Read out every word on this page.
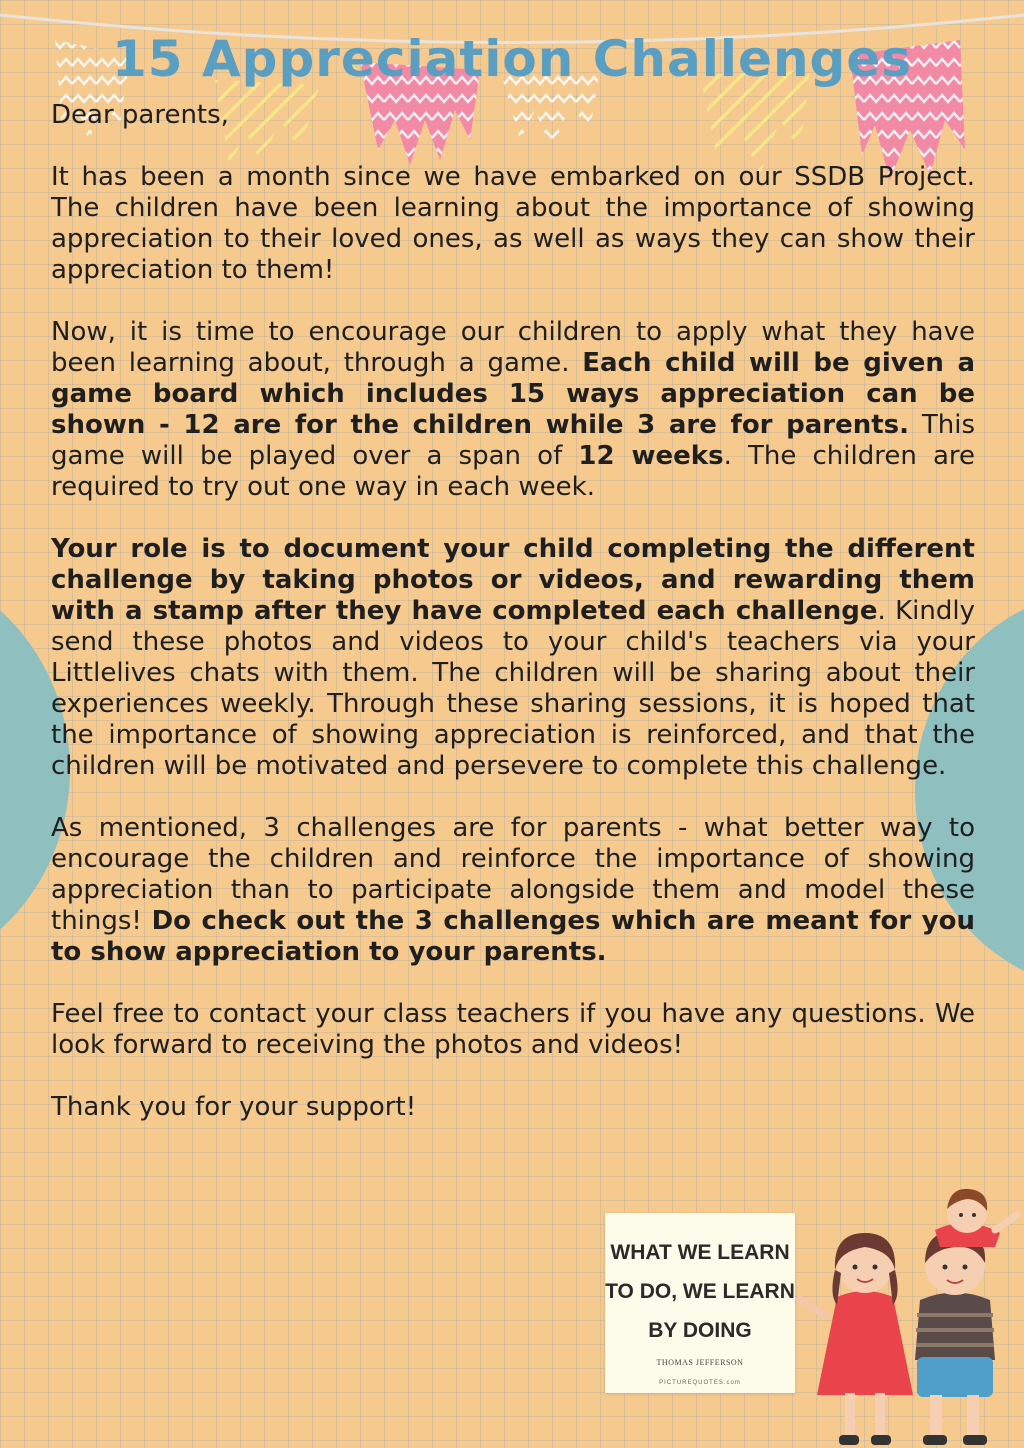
15 Appreciation Challenges

Dear parents,

It has been a month since we have embarked on our SSDB Project. The children have been learning about the importance of showing appreciation to their loved ones, as well as ways they can show their appreciation to them!

Now, it is time to encourage our children to apply what they have been learning about, through a game. Each child will be given a game board which includes 15 ways appreciation can be shown - 12 are for the children while 3 are for parents. This game will be played over a span of 12 weeks. The children are required to try out one way in each week.

Your role is to document your child completing the different challenge by taking photos or videos, and rewarding them with a stamp after they have completed each challenge. Kindly send these photos and videos to your child's teachers via your Littlelives chats with them. The children will be sharing about their experiences weekly. Through these sharing sessions, it is hoped that the importance of showing appreciation is reinforced, and that the children will be motivated and persevere to complete this challenge.

As mentioned, 3 challenges are for parents - what better way to encourage the children and reinforce the importance of showing appreciation than to participate alongside them and model these things! Do check out the 3 challenges which are meant for you to show appreciation to your parents.

Feel free to contact your class teachers if you have any questions. We look forward to receiving the photos and videos!

Thank you for your support!

WHAT WE LEARN
TO DO, WE LEARN
BY DOING
THOMAS JEFFERSON
PICTUREQUOTES.com
